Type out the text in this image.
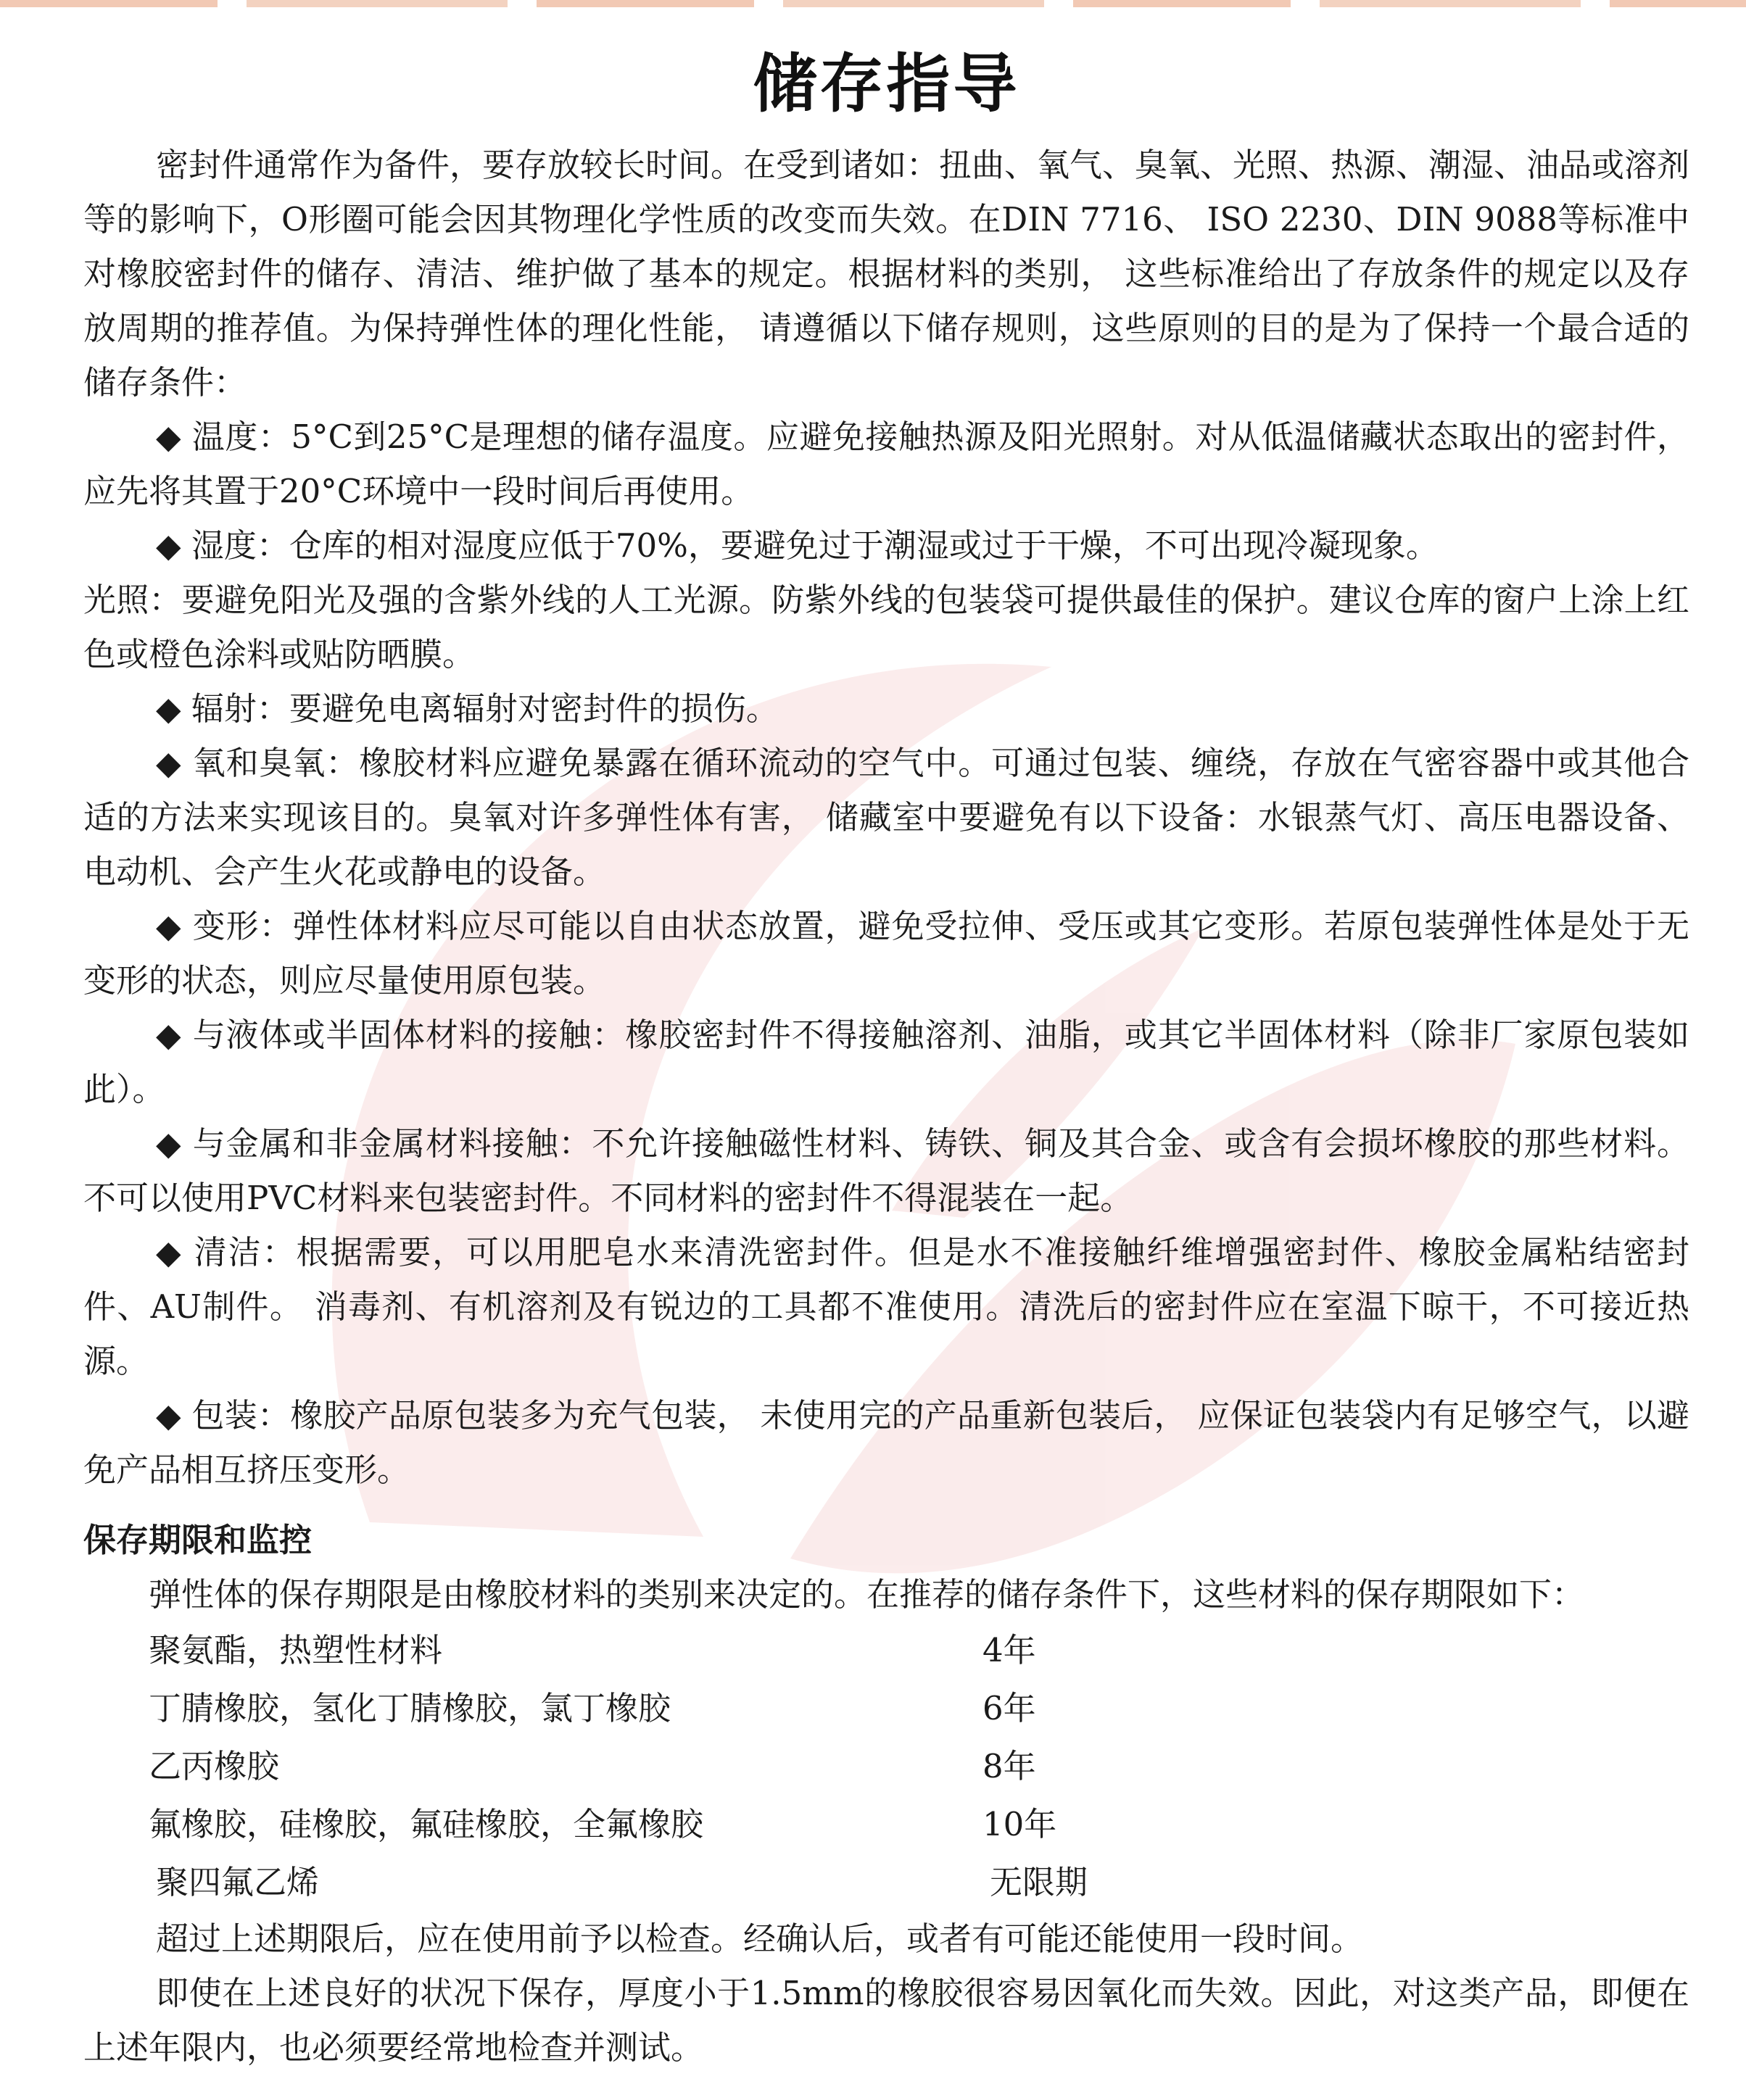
储存指导

密封件通常作为备件，要存放较长时间。在受到诸如：扭曲、氧气、臭氧、光照、热源、潮湿、油品或溶剂等的影响下，O形圈可能会因其物理化学性质的改变而失效。在DIN 7716、 ISO 2230、DIN 9088等标准中对橡胶密封件的储存、清洁、维护做了基本的规定。根据材料的类别， 这些标准给出了存放条件的规定以及存放周期的推荐值。为保持弹性体的理化性能， 请遵循以下储存规则，这些原则的目的是为了保持一个最合适的储存条件：

◆ 温度：5°C到25°C是理想的储存温度。应避免接触热源及阳光照射。对从低温储藏状态取出的密封件，应先将其置于20°C环境中一段时间后再使用。

◆ 湿度：仓库的相对湿度应低于70%，要避免过于潮湿或过于干燥，不可出现冷凝现象。

光照：要避免阳光及强的含紫外线的人工光源。防紫外线的包装袋可提供最佳的保护。建议仓库的窗户上涂上红色或橙色涂料或贴防晒膜。

◆ 辐射：要避免电离辐射对密封件的损伤。

◆ 氧和臭氧：橡胶材料应避免暴露在循环流动的空气中。可通过包装、缠绕，存放在气密容器中或其他合适的方法来实现该目的。臭氧对许多弹性体有害， 储藏室中要避免有以下设备：水银蒸气灯、高压电器设备、电动机、会产生火花或静电的设备。

◆ 变形：弹性体材料应尽可能以自由状态放置，避免受拉伸、受压或其它变形。若原包装弹性体是处于无变形的状态，则应尽量使用原包装。

◆ 与液体或半固体材料的接触：橡胶密封件不得接触溶剂、油脂，或其它半固体材料（除非厂家原包装如此）。

◆ 与金属和非金属材料接触：不允许接触磁性材料、铸铁、铜及其合金、或含有会损坏橡胶的那些材料。不可以使用PVC材料来包装密封件。不同材料的密封件不得混装在一起。

◆ 清洁：根据需要，可以用肥皂水来清洗密封件。但是水不准接触纤维增强密封件、橡胶金属粘结密封件、AU制件。 消毒剂、有机溶剂及有锐边的工具都不准使用。清洗后的密封件应在室温下晾干，不可接近热源。

◆ 包装：橡胶产品原包装多为充气包装， 未使用完的产品重新包装后， 应保证包装袋内有足够空气，以避免产品相互挤压变形。

保存期限和监控

弹性体的保存期限是由橡胶材料的类别来决定的。在推荐的储存条件下，这些材料的保存期限如下：

聚氨酯，热塑性材料	4年
丁腈橡胶，氢化丁腈橡胶，氯丁橡胶	6年
乙丙橡胶	8年
氟橡胶，硅橡胶，氟硅橡胶，全氟橡胶	10年
聚四氟乙烯	无限期

超过上述期限后，应在使用前予以检查。经确认后，或者有可能还能使用一段时间。

即使在上述良好的状况下保存，厚度小于1.5mm的橡胶很容易因氧化而失效。因此，对这类产品，即便在上述年限内，也必须要经常地检查并测试。
